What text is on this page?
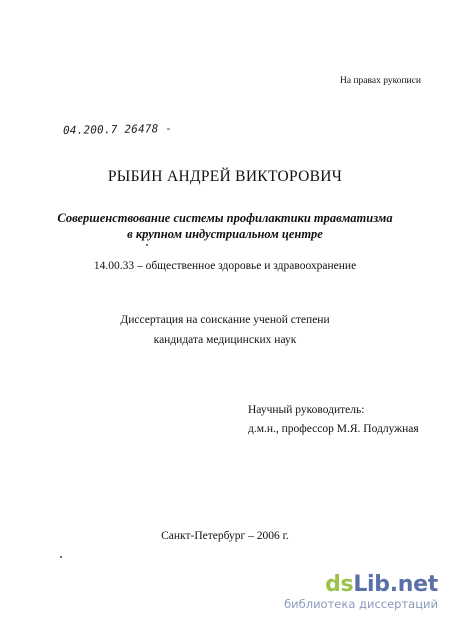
На правах рукописи
04.200.7 26478 -
РЫБИН АНДРЕЙ ВИКТОРОВИЧ
Совершенствование системы профилактики травматизма
в крупном индустриальном центре
14.00.33 – общественное здоровье и здравоохранение
Диссертация на соискание ученой степени
кандидата медицинских наук
Научный руководитель:
д.м.н., профессор М.Я. Подлужная
Санкт-Петербург – 2006 г.
dsLib.net
библиотека диссертаций
